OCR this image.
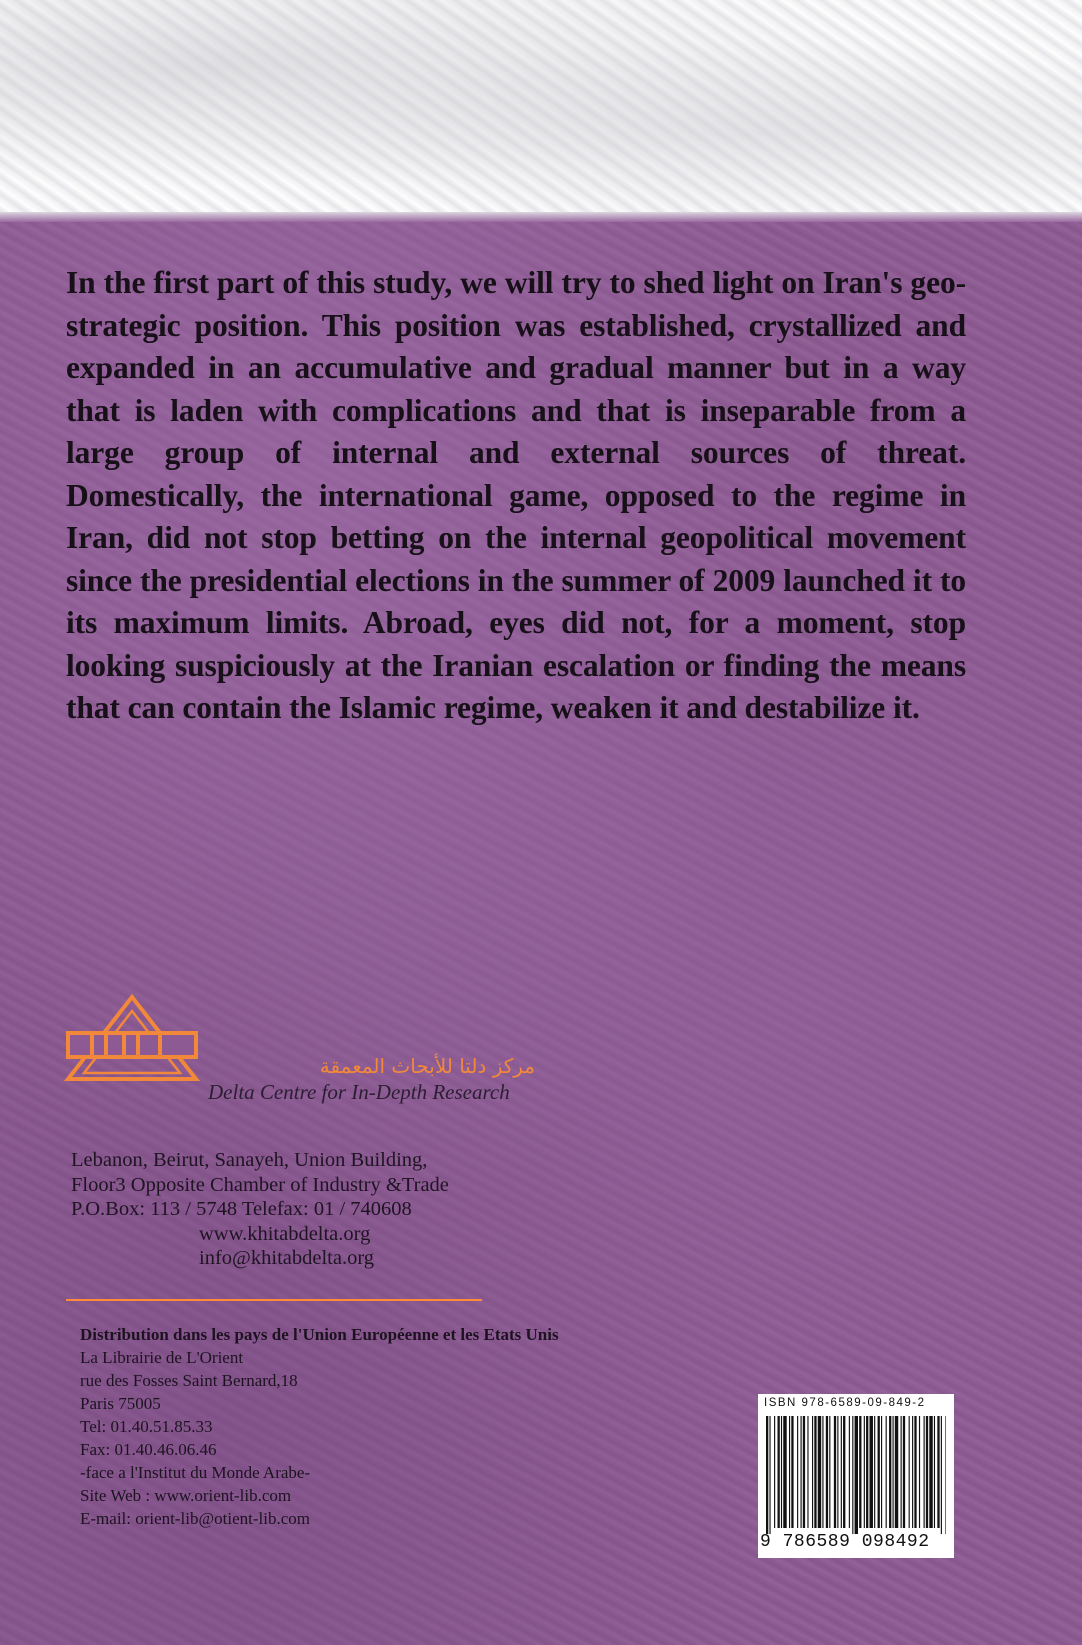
In the first part of this study, we will try to shed light on Iran's geo-strategic position. This position was established, crystallized and expanded in an accumulative and gradual manner but in a way that is laden with complications and that is inseparable from a large group of internal and external sources of threat. Domestically, the international game, opposed to the regime in Iran, did not stop betting on the internal geopolitical movement since the presidential elections in the summer of 2009 launched it to its maximum limits. Abroad, eyes did not, for a moment, stop looking suspiciously at the Iranian escalation or finding the means that can contain the Islamic regime, weaken it and destabilize it.

مركز دلتا للأبحاث المعمقة

Delta Centre for In-Depth Research

Lebanon, Beirut, Sanayeh, Union Building,
Floor3 Opposite Chamber of Industry &Trade
P.O.Box: 113 / 5748 Telefax: 01 / 740608
www.khitabdelta.org
info@khitabdelta.org

Distribution dans les pays de l'Union Européenne et les Etats Unis
La Librairie de L'Orient
rue des Fosses Saint Bernard,18
Paris 75005
Tel: 01.40.51.85.33
Fax: 01.40.46.06.46
-face a l'Institut du Monde Arabe-
Site Web : www.orient-lib.com
E-mail: orient-lib@otient-lib.com

ISBN 978-6589-09-849-2

9 786589 098492
